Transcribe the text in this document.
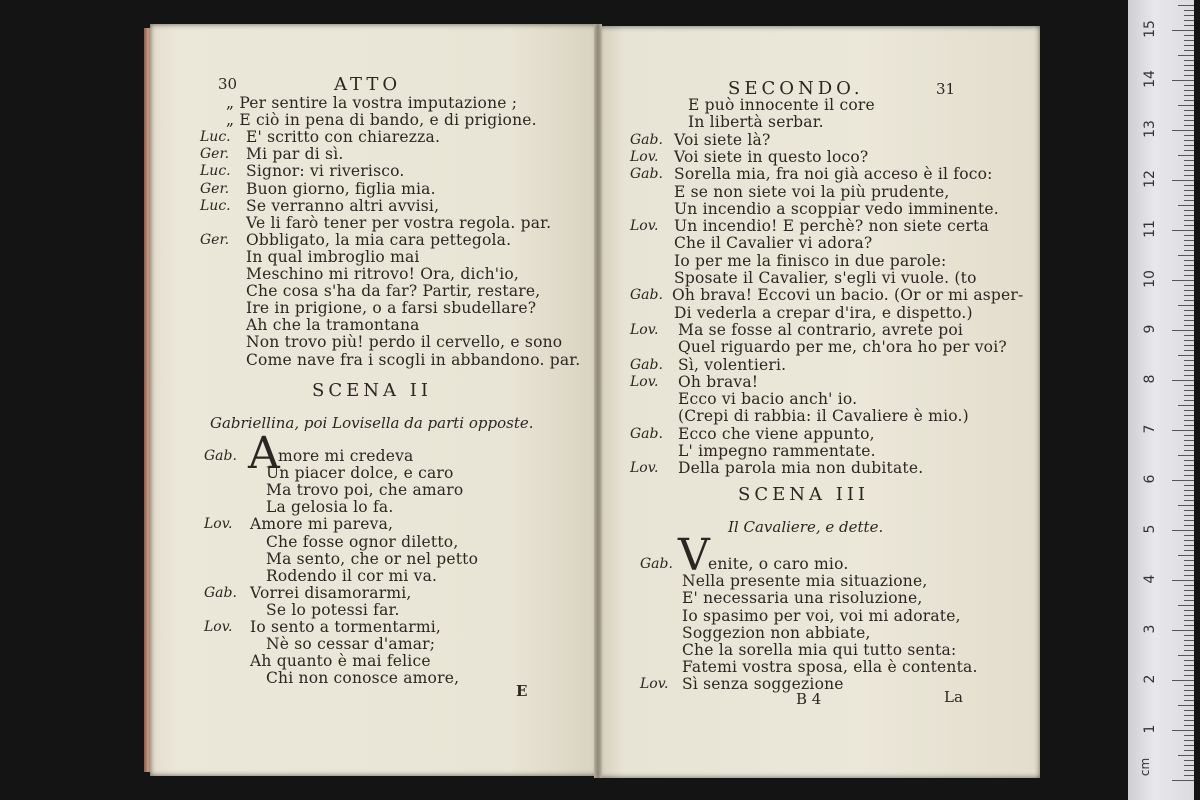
30	ATTO
„ Per sentire la vostra imputazione ;
„ E ciò in pena di bando, e di prigione.
Luc. E' scritto con chiarezza.
Ger. Mi par di sì.
Luc. Signor: vi riverisco.
Ger. Buon giorno, figlia mia.
Luc. Se verranno altri avvisi,
Ve li farò tener per vostra regola. par.
Ger. Obbligato, la mia cara pettegola.
In qual imbroglio mai
Meschino mi ritrovo! Ora, dich'io,
Che cosa s'ha da far? Partir, restare,
Ire in prigione, o a farsi sbudellare?
Ah che la tramontana
Non trovo più! perdo il cervello, e sono
Come nave fra i scogli in abbandono. par.
SCENA II
Gabriellina, poi Lovisella da parti opposte.
A
Gab.	more mi credeva
Un piacer dolce, e caro
Ma trovo poi, che amaro
La gelosia lo fa.
Lov. Amore mi pareva,
Che fosse ognor diletto,
Ma sento, che or nel petto
Rodendo il cor mi va.
Gab. Vorrei disamorarmi,
Se lo potessi far.
Lov. Io sento a tormentarmi,
Nè so cessar d'amar;
Ah quanto è mai felice
Chi non conosce amore,
E
SECONDO.	31
E può innocente il core
In libertà serbar.
Gab. Voi siete là?
Lov. Voi siete in questo loco?
Gab. Sorella mia, fra noi già acceso è il foco:
E se non siete voi la più prudente,
Un incendio a scoppiar vedo imminente.
Lov. Un incendio! E perchè? non siete certa
Che il Cavalier vi adora?
Io per me la finisco in due parole:
Sposate il Cavalier, s'egli vi vuole. (to
Gab. Oh brava! Eccovi un bacio. (Or or mi asper-
Di vederla a crepar d'ira, e dispetto.)
Lov. Ma se fosse al contrario, avrete poi
Quel riguardo per me, ch'ora ho per voi?
Gab. Sì, volentieri.
Lov. Oh brava!
Ecco vi bacio anch' io.
(Crepi di rabbia: il Cavaliere è mio.)
Gab. Ecco che viene appunto,
L' impegno rammentate.
Lov. Della parola mia non dubitate.
SCENA III
Il Cavaliere, e dette.
V
Gab. enite, o caro mio.
Nella presente mia situazione,
E' necessaria una risoluzione,
Io spasimo per voi, voi mi adorate,
Soggezion non abbiate,
Che la sorella mia qui tutto senta:
Fatemi vostra sposa, ella è contenta.
Lov. Sì senza soggezione
B 4	La
cm
1
2
3
4
5
6
7
8
9
10
11
12
13
14
15
